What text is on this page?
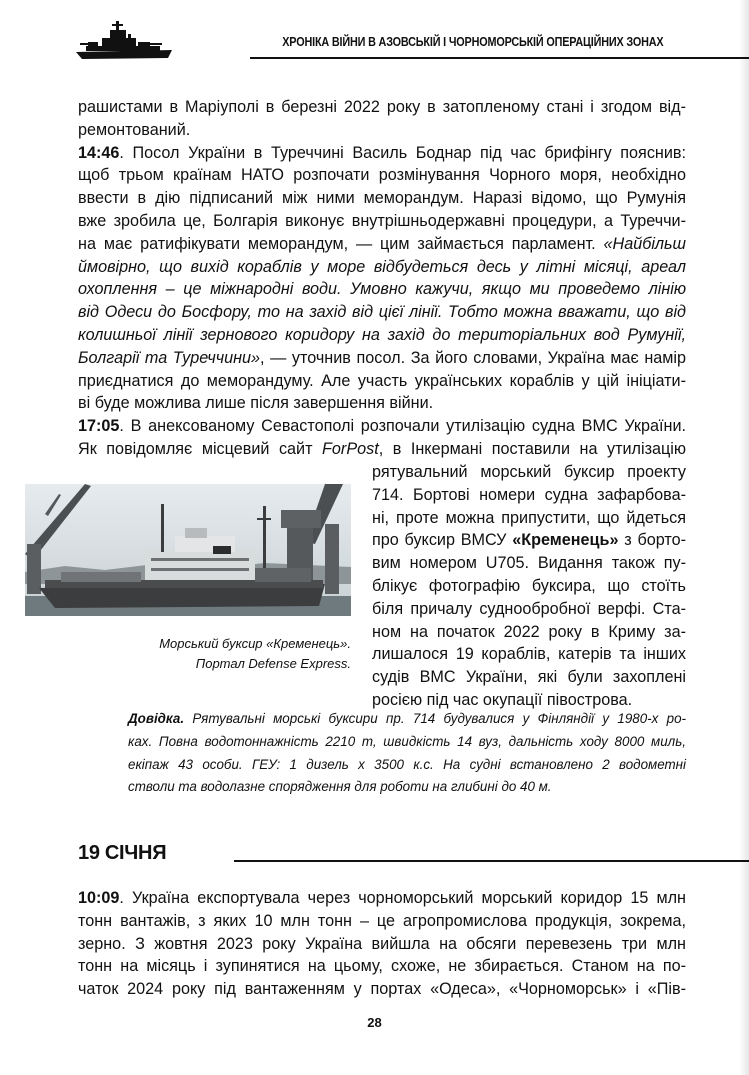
ХРОНІКА ВІЙНИ В АЗОВСЬКІЙ І ЧОРНОМОРСЬКІЙ ОПЕРАЦІЙНИХ ЗОНАХ
рашистами в Маріуполі в березні 2022 року в затопленому стані і згодом від-
ремонтований.
14:46. Посол України в Туреччині Василь Боднар під час брифінгу пояснив:
щоб трьом країнам НАТО розпочати розмінування Чорного моря, необхідно
ввести в дію підписаний між ними меморандум. Наразі відомо, що Румунія
вже зробила це, Болгарія виконує внутрішньодержавні процедури, а Туреччи-
на має ратифікувати меморандум, — цим займається парламент. «Найбільш
ймовірно, що вихід кораблів у море відбудеться десь у літні місяці, ареал
охоплення – це міжнародні води. Умовно кажучи, якщо ми проведемо лінію
від Одеси до Босфору, то на захід від цієї лінії. Тобто можна вважати, що від
колишньої лінії зернового коридору на захід до територіальних вод Румунії,
Болгарії та Туреччини», — уточнив посол. За його словами, Україна має намір
приєднатися до меморандуму. Але участь українських кораблів у цій ініціати-
ві буде можлива лише після завершення війни.
17:05. В анексованому Севастополі розпочали утилізацію судна ВМС України.
Як повідомляє місцевий сайт ForPost, в Інкермані поставили на утилізацію
рятувальний морський буксир проекту
714. Бортові номери судна зафарбова-
ні, проте можна припустити, що йдеться
про буксир ВМСУ «Кременець» з борто-
вим номером U705. Видання також пу-
блікує фотографію буксира, що стоїть
біля причалу суднообробної верфі. Ста-
ном на початок 2022 року в Криму за-
лишалося 19 кораблів, катерів та інших
судів ВМС України, які були захоплені
росією під час окупації півострова.
Морський буксир «Кременець».
Портал Defense Express.
Довідка. Рятувальні морські буксири пр. 714 будувалися у Фінляндії у 1980-х ро-
ках. Повна водотоннажність 2210 т, швидкість 14 вуз, дальність ходу 8000 миль,
екіпаж 43 особи. ГЕУ: 1 дизель х 3500 к.с. На судні встановлено 2 водометні
стволи та водолазне спорядження для роботи на глибині до 40 м.
19 СІЧНЯ
10:09. Україна експортувала через чорноморський морський коридор 15 млн
тонн вантажів, з яких 10 млн тонн – це агропромислова продукція, зокрема,
зерно. З жовтня 2023 року Україна вийшла на обсяги перевезень три млн
тонн на місяць і зупинятися на цьому, схоже, не збирається. Станом на по-
чаток 2024 року під вантаженням у портах «Одеса», «Чорноморськ» і «Пів-
28
